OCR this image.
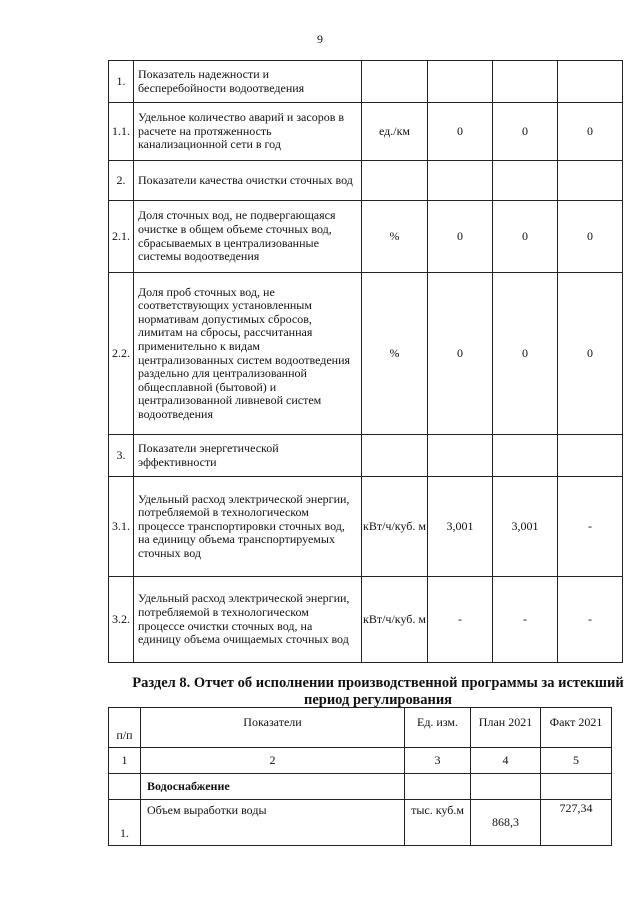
9
1.	Показатель надежности и бесперебойности водоотведения				
1.1.	Удельное количество аварий и засоров в расчете на протяженность канализационной сети в год	ед./км	0	0	0
2.	Показатели качества очистки сточных вод				
2.1.	Доля сточных вод, не подвергающаяся очистке в общем объеме сточных вод, сбрасываемых в централизованные системы водоотведения	%	0	0	0
2.2.	Доля проб сточных вод, не соответствующих установленным нормативам допустимых сбросов, лимитам на сбросы, рассчитанная применительно к видам централизованных систем водоотведения раздельно для централизованной общесплавной (бытовой) и централизованной ливневой систем водоотведения	%	0	0	0
3.	Показатели энергетической эффективности				
3.1.	Удельный расход электрической энергии, потребляемой в технологическом процессе транспортировки сточных вод, на единицу объема транспортируемых сточных вод	кВт/ч/куб. м	3,001	3,001	-
3.2.	Удельный расход электрической энергии, потребляемой в технологическом процессе очистки сточных вод, на единицу объема очищаемых сточных вод	кВт/ч/куб. м	-	-	-
Раздел 8. Отчет об исполнении производственной программы за истекший период регулирования
п/п	Показатели	Ед. изм.	План 2021	Факт 2021
1	2	3	4	5
	Водоснабжение			
1.	Объем выработки воды	тыс. куб.м	868,3	727,34
